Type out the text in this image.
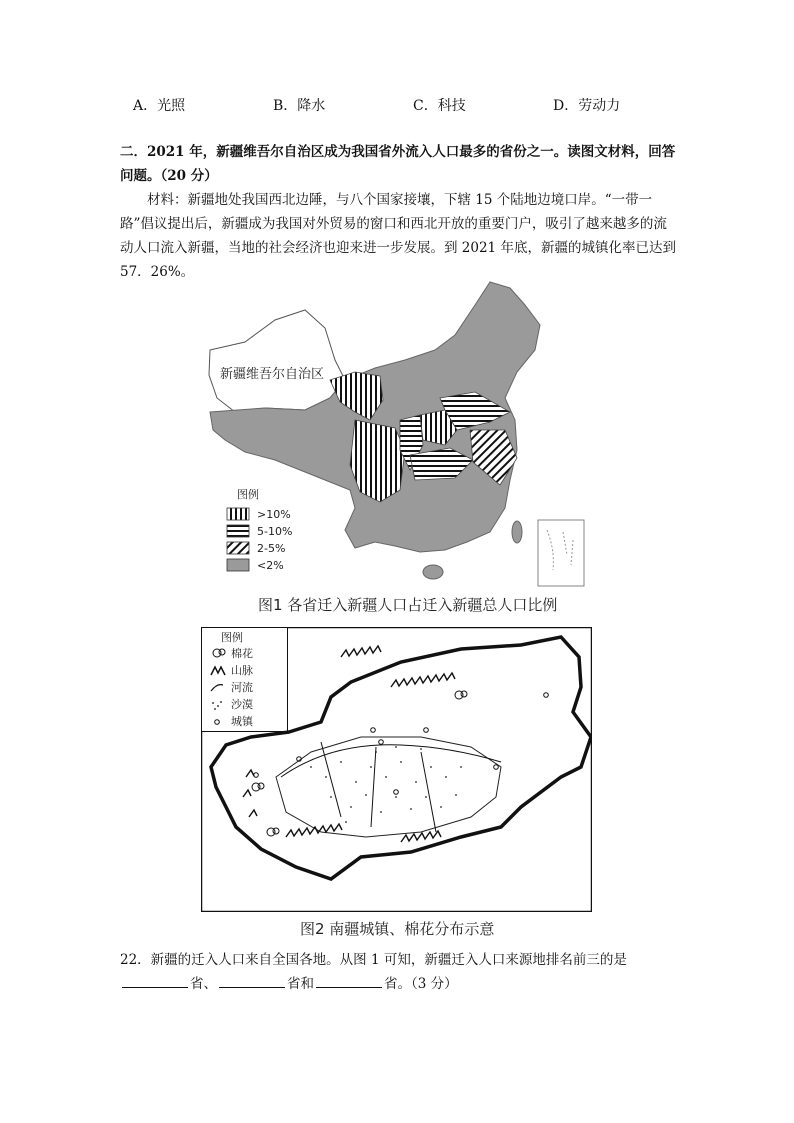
A．光照	B．降水	C．科技	D．劳动力
二．2021 年，新疆维吾尔自治区成为我国省外流入人口最多的省份之一。读图文材料，回答问题。（20 分）
材料：新疆地处我国西北边陲，与八个国家接壤，下辖 15 个陆地边境口岸。“一带一路”倡议提出后，新疆成为我国对外贸易的窗口和西北开放的重要门户，吸引了越来越多的流动人口流入新疆，当地的社会经济也迎来进一步发展。到 2021 年底，新疆的城镇化率已达到 57．26%。
新疆维吾尔自治区
图例
>10%
5-10%
2-5%
<2%
图1 各省迁入新疆人口占迁入新疆总人口比例
图例
棉花
山脉
河流
沙漠
城镇
图2 南疆城镇、棉花分布示意
22．新疆的迁入人口来自全国各地。从图 1 可知，新疆迁入人口来源地排名前三的是
省、	省和	省。（3 分）
